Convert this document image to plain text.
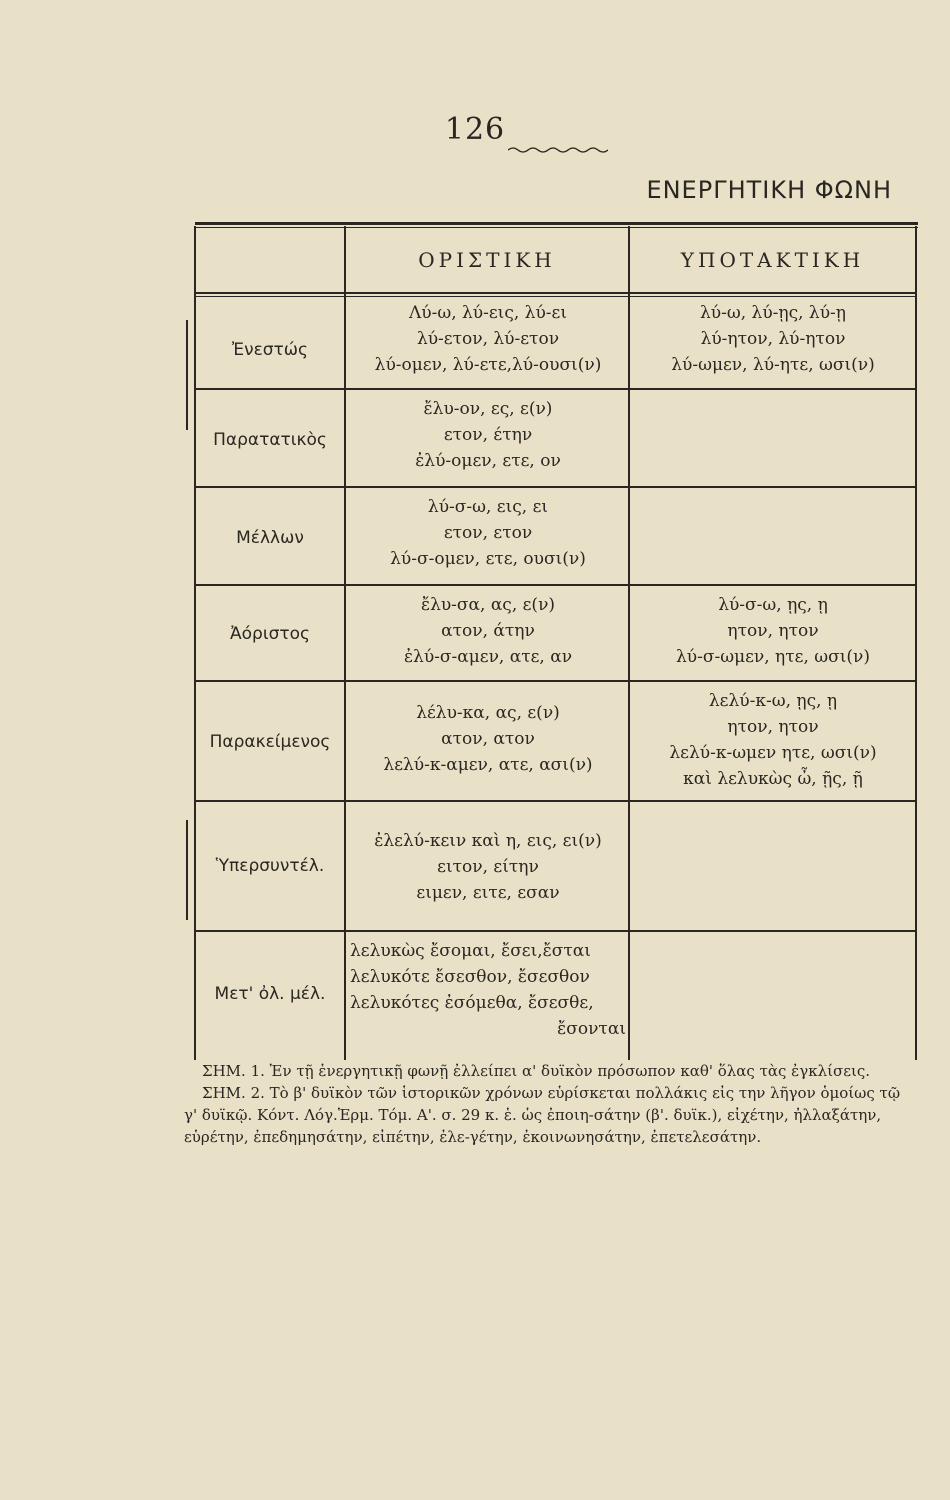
126
ΕΝΕΡΓΗΤΙΚΗ ΦΩΝΗ
ΟΡΙΣΤΙΚΗ	ΥΠΟΤΑΚΤΙΚΗ
Ἐνεστώς
Λύ-ω, λύ-εις, λύ-ει
λύ-ετον, λύ-ετον
λύ-ομεν, λύ-ετε,λύ-ουσι(ν)
λύ-ω, λύ-ῃς, λύ-ῃ
λύ-ητον, λύ-ητον
λύ-ωμεν, λύ-ητε, ωσι(ν)
Παρατατικὸς
ἔλυ-ον, ες, ε(ν)
ετον, έτην
ἐλύ-ομεν, ετε, ον
Μέλλων
λύ-σ-ω, εις, ει
ετον, ετον
λύ-σ-ομεν, ετε, ουσι(ν)
Ἀόριστος
ἔλυ-σα, ας, ε(ν)
ατον, άτην
ἐλύ-σ-αμεν, ατε, αν
λύ-σ-ω, ῃς, ῃ
ητον, ητον
λύ-σ-ωμεν, ητε, ωσι(ν)
Παρακείμενος
λέλυ-κα, ας, ε(ν)
ατον, ατον
λελύ-κ-αμεν, ατε, ασι(ν)
λελύ-κ-ω, ῃς, ῃ
ητον, ητον
λελύ-κ-ωμεν ητε, ωσι(ν)
καὶ λελυκὼς ὦ, ῇς, ῇ
Ὑπερσυντέλ.
ἐλελύ-κειν καὶ η, εις, ει(ν)
ειτον, είτην
ειμεν, ειτε, εσαν
Μετ' ὀλ. μέλ.
λελυκὼς ἔσομαι, ἔσει,ἔσται
λελυκότε ἔσεσθον, ἔσεσθον
λελυκότες ἐσόμεθα, ἔσεσθε,
ἔσονται

ΣΗΜ. 1. Ἐν τῇ ἐνεργητικῇ φωνῇ ἐλλείπει α' δυϊκὸν πρόσωπον καθ' ὅλας τὰς ἐγκλίσεις.

ΣΗΜ. 2. Τὸ β' δυϊκὸν τῶν ἱστορικῶν χρόνων εὑρίσκεται πολλάκις εἰς την λῆγον ὁμοίως τῷ γ' δυϊκῷ. Κόντ. Λόγ.Ἑρμ. Τόμ. Α'. σ. 29 κ. ἑ. ὡς ἐποιη-σάτην (β'. δυϊκ.), εἰχέτην, ἠλλαξάτην, εὑρέτην, ἐπεδημησάτην, εἰπέτην, ἐλε-γέτην, ἐκοινωνησάτην, ἐπετελεσάτην.
